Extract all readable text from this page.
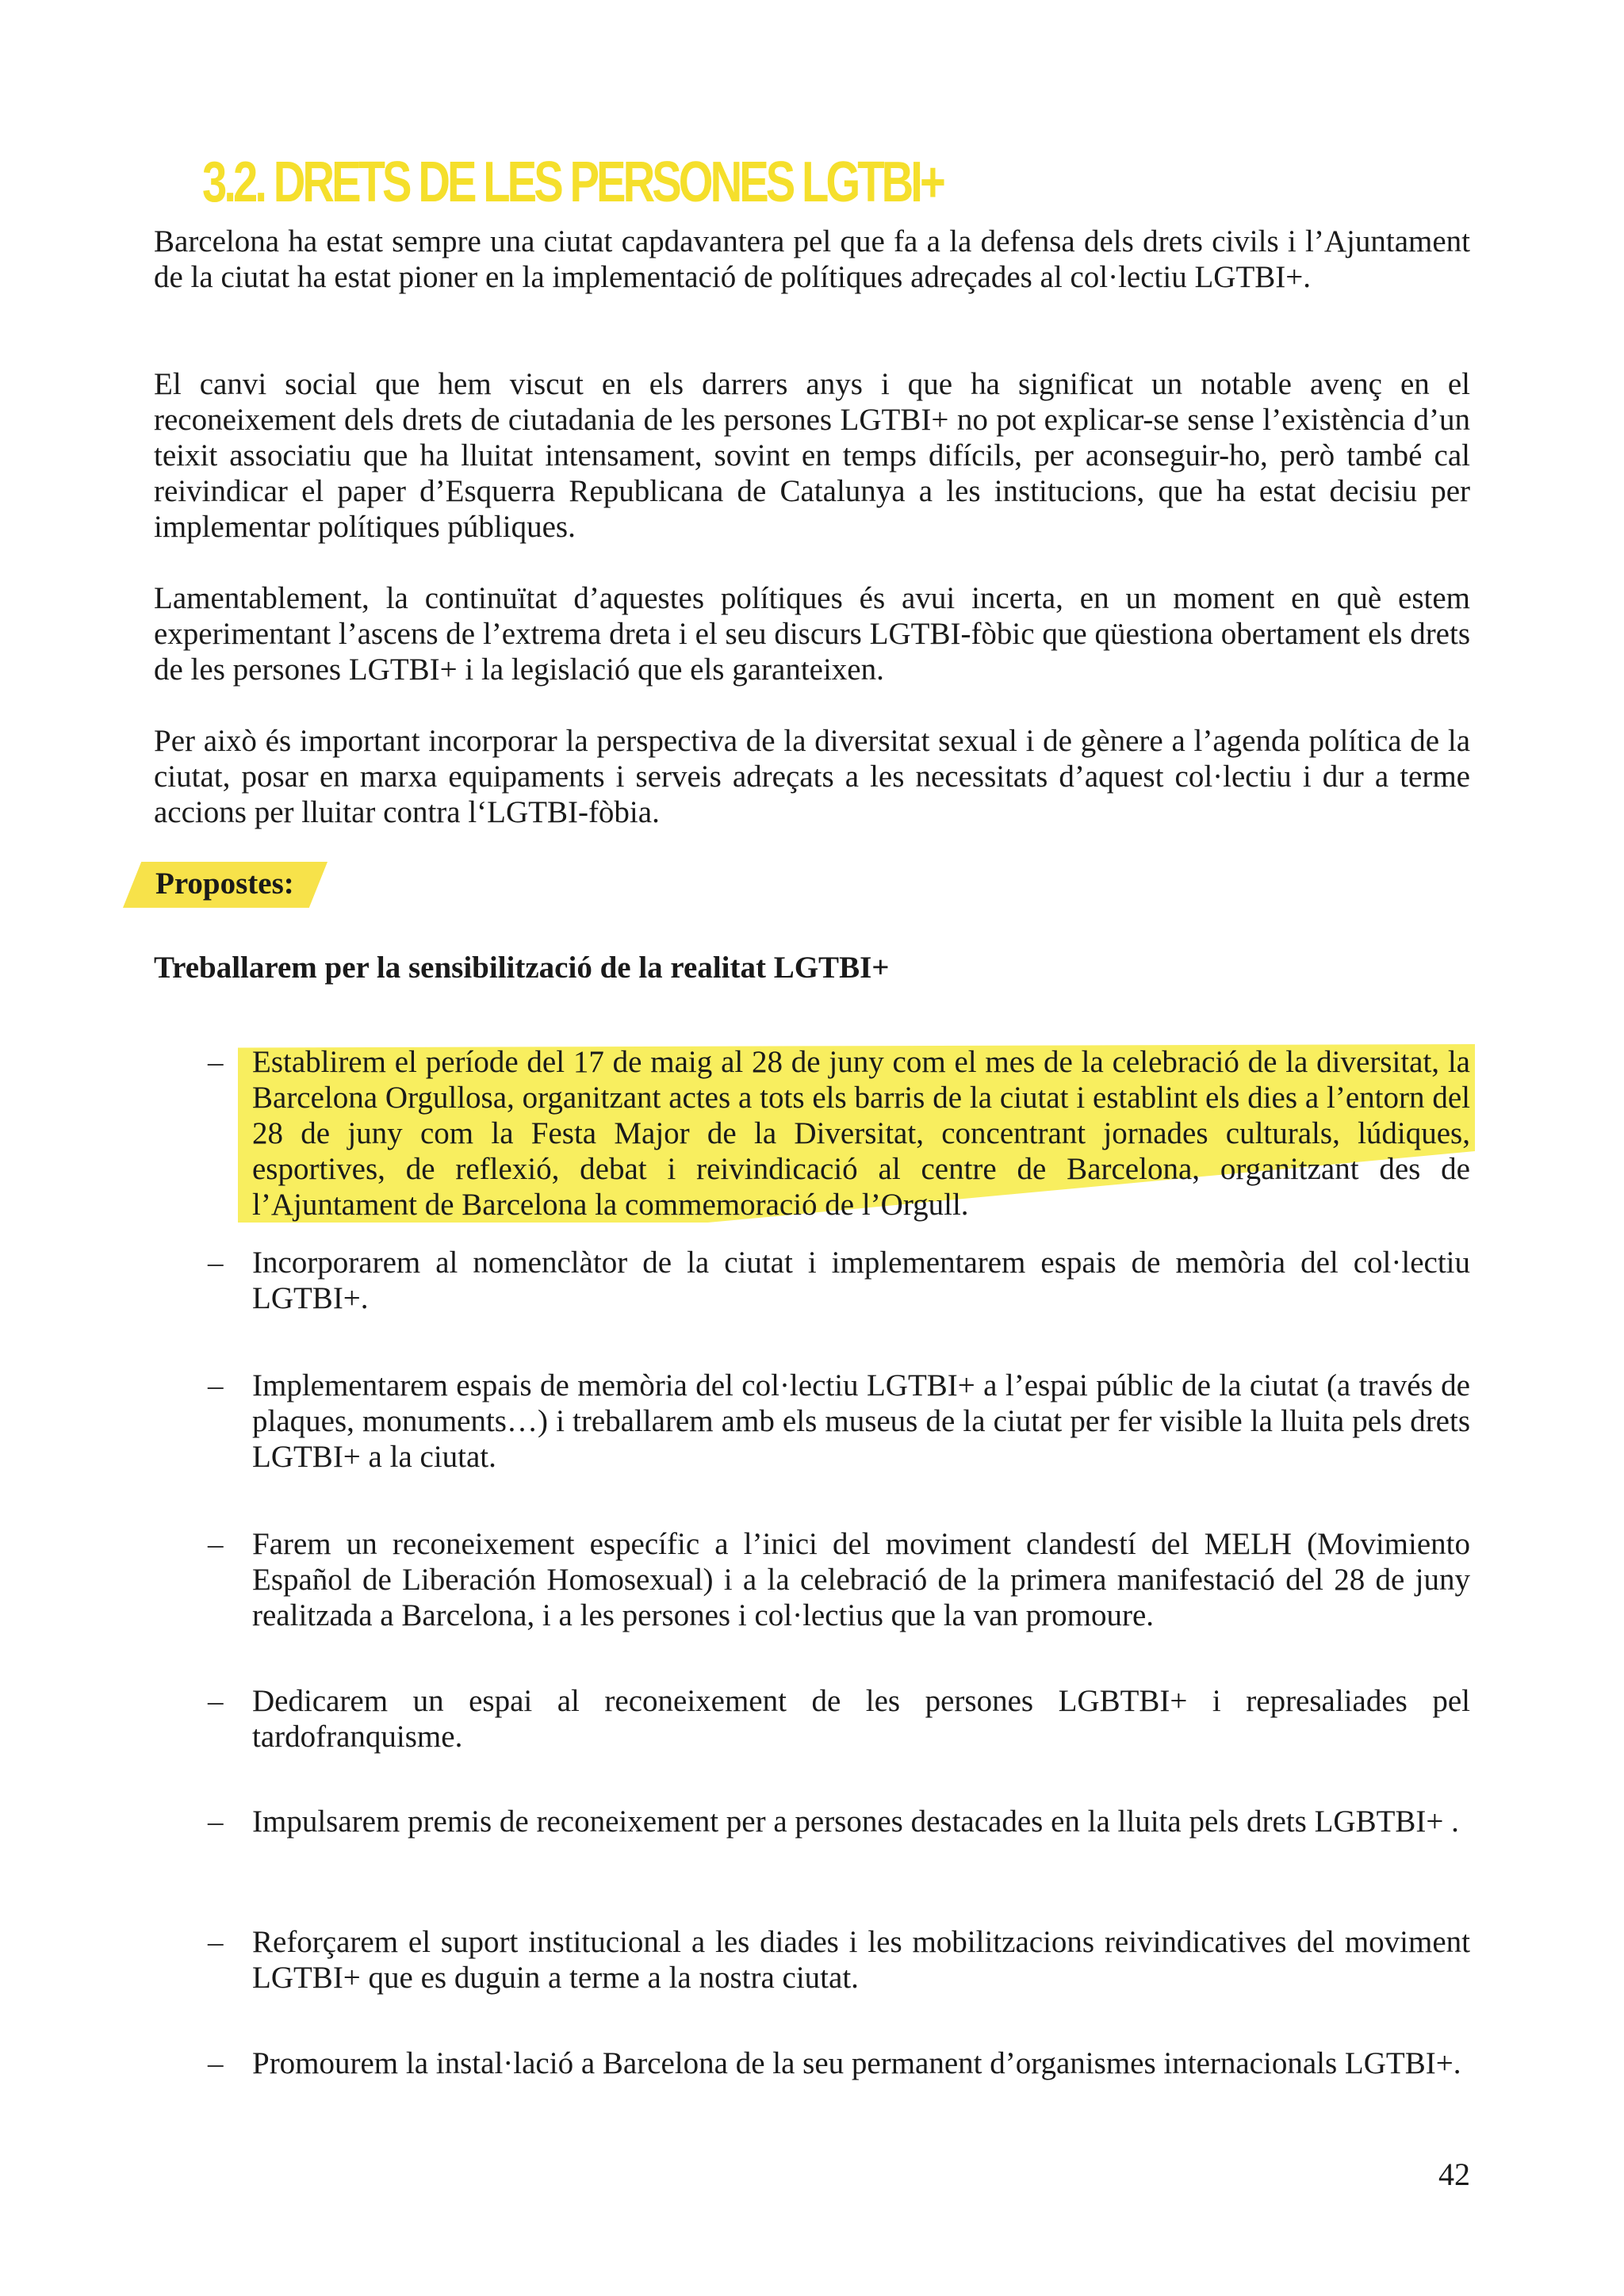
3.2. DRETS DE LES PERSONES LGTBI+

Barcelona ha estat sempre una ciutat capdavantera pel que fa a la defensa dels drets civils i l’Ajuntament de la ciutat ha estat pioner en la implementació de polítiques adreçades al col·lectiu LGTBI+.

El canvi social que hem viscut en els darrers anys i que ha significat un notable avenç en el reconeixement dels drets de ciutadania de les persones LGTBI+ no pot explicar-se sense l’existència d’un teixit associatiu que ha lluitat intensament, sovint en temps difícils, per aconseguir-ho, però també cal reivindicar el paper d’Esquerra Republicana de Catalunya a les institucions, que ha estat decisiu per implementar polítiques públiques.

Lamentablement, la continuïtat d’aquestes polítiques és avui incerta, en un moment en què estem experimentant l’ascens de l’extrema dreta i el seu discurs LGTBI-fòbic que qüestiona obertament els drets de les persones LGTBI+ i la legislació que els garanteixen.

Per això és important incorporar la perspectiva de la diversitat sexual i de gènere a l’agenda política de la ciutat, posar en marxa equipaments i serveis adreçats a les necessitats d’aquest col·lectiu i dur a terme accions per lluitar contra l‘LGTBI-fòbia.

Propostes:

Treballarem per la sensibilització de la realitat LGTBI+

– Establirem el període del 17 de maig al 28 de juny com el mes de la celebració de la diversitat, la Barcelona Orgullosa, organitzant actes a tots els barris de la ciutat i establint els dies a l’entorn del 28 de juny com la Festa Major de la Diversitat, concentrant jornades culturals, lúdiques, esportives, de reflexió, debat i reivindicació al centre de Barcelona, organitzant des de l’Ajuntament de Barcelona la commemoració de l’Orgull.

– Incorporarem al nomenclàtor de la ciutat i implementarem espais de memòria del col·lectiu LGTBI+.

– Implementarem espais de memòria del col·lectiu LGTBI+ a l’espai públic de la ciutat (a través de plaques, monuments…) i treballarem amb els museus de la ciutat per fer visible la lluita pels drets LGTBI+ a la ciutat.

– Farem un reconeixement específic a l’inici del moviment clandestí del MELH (Movimiento Español de Liberación Homosexual) i a la celebració de la primera manifestació del 28 de juny realitzada a Barcelona, i a les persones i col·lectius que la van promoure.

– Dedicarem un espai al reconeixement de les persones LGBTBI+ i represaliades pel tardofranquisme.

– Impulsarem premis de reconeixement per a persones destacades en la lluita pels drets LGBTBI+ .

– Reforçarem el suport institucional a les diades i les mobilitzacions reivindicatives del moviment LGTBI+ que es duguin a terme a la nostra ciutat.

– Promourem la instal·lació a Barcelona de la seu permanent d’organismes internacionals LGTBI+.

42
